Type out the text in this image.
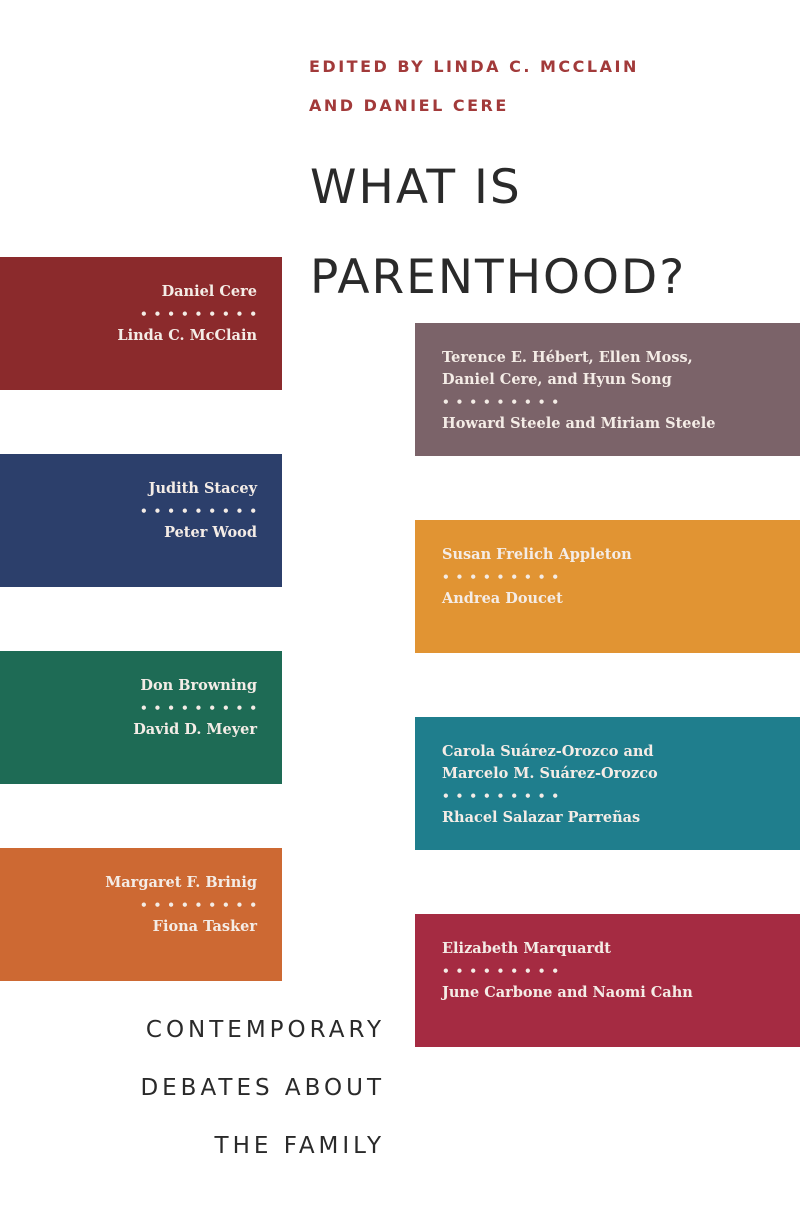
EDITED BY LINDA C. MCCLAIN
AND DANIEL CERE
WHAT IS
PARENTHOOD?
Daniel Cere
•••••••••
Linda C. McClain
Terence E. Hébert, Ellen Moss,
Daniel Cere, and Hyun Song
•••••••••
Howard Steele and Miriam Steele
Judith Stacey
•••••••••
Peter Wood
Susan Frelich Appleton
•••••••••
Andrea Doucet
Don Browning
•••••••••
David D. Meyer
Carola Suárez-Orozco and
Marcelo M. Suárez-Orozco
•••••••••
Rhacel Salazar Parreñas
Margaret F. Brinig
•••••••••
Fiona Tasker
Elizabeth Marquardt
•••••••••
June Carbone and Naomi Cahn
CONTEMPORARY
DEBATES ABOUT
THE FAMILY
